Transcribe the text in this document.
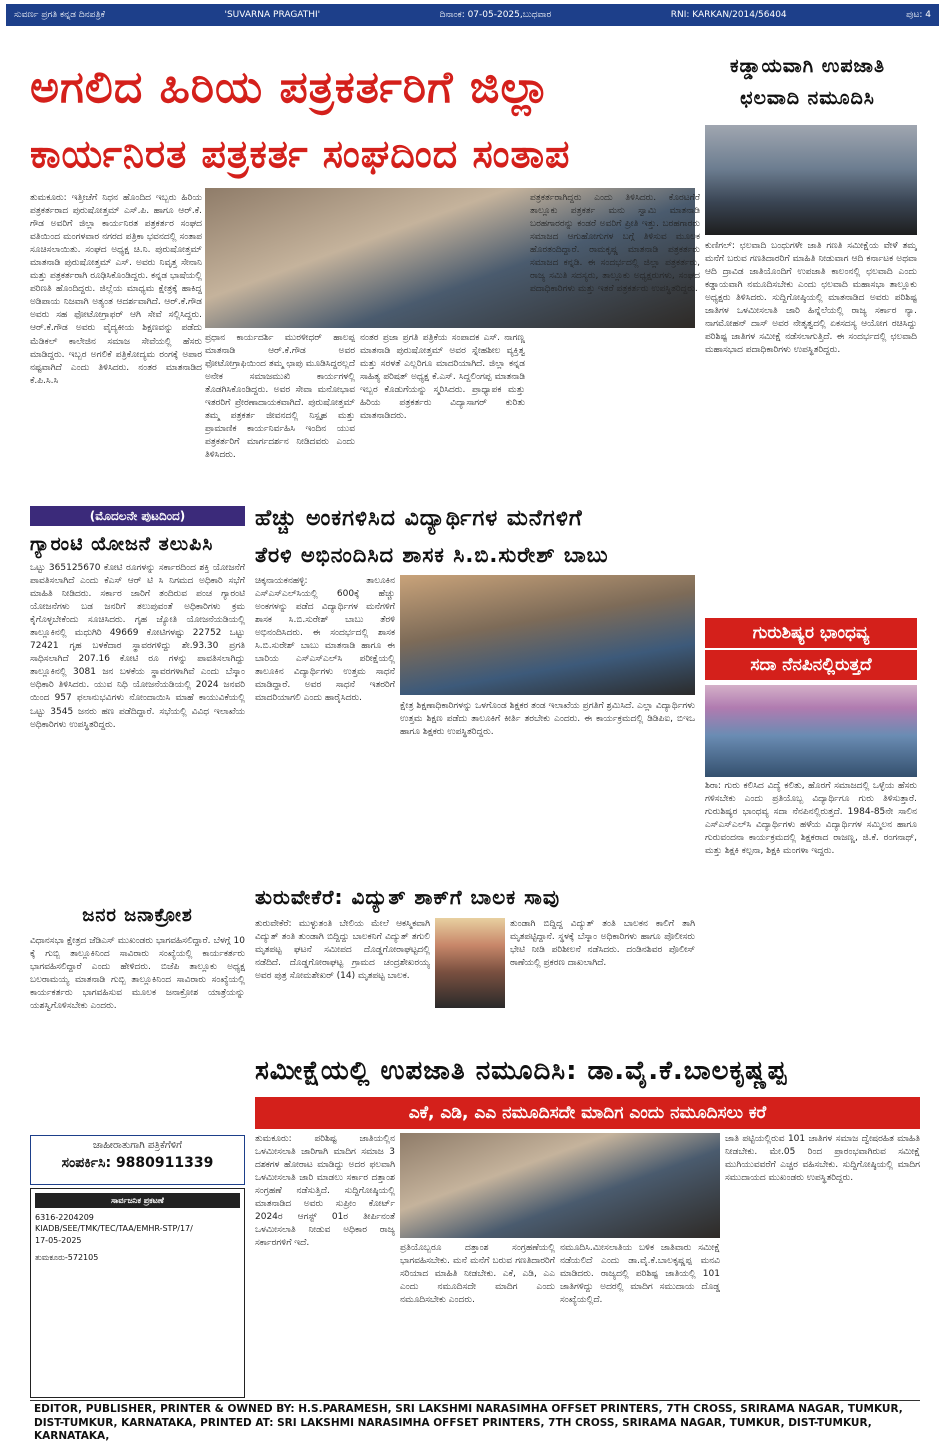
ಸುವರ್ಣ ಪ್ರಗತಿ ಕನ್ನಡ ದಿನಪತ್ರಿಕೆ	'SUVARNA PRAGATHI'	ದಿನಾಂಕ: 07-05-2025,ಬುಧವಾರ	RNI: KARKAN/2014/56404	ಪುಟ: 4
ಅಗಲಿದ ಹಿರಿಯ ಪತ್ರಕರ್ತರಿಗೆ ಜಿಲ್ಲಾ
ಕಾರ್ಯನಿರತ ಪತ್ರಕರ್ತ ಸಂಘದಿಂದ ಸಂತಾಪ
ಕಡ್ಡಾಯವಾಗಿ ಉಪಜಾತಿ
ಛಲವಾದಿ ನಮೂದಿಸಿ
ಕುಣಿಗಲ್: ಛಲವಾದಿ ಬಂಧುಗಳೇ ಜಾತಿ ಗಣತಿ ಸಮೀಕ್ಷೆಯ ವೇಳೆ ತಮ್ಮ ಮನೆಗೆ ಬರುವ ಗಣತಿದಾರರಿಗೆ ಮಾಹಿತಿ ನೀಡುವಾಗ ಆದಿ ಕರ್ನಾಟಕ ಅಥವಾ ಆದಿ ದ್ರಾವಿಡ ಜಾತಿಯೊಂದಿಗೆ ಉಪಜಾತಿ ಕಾಲಂನಲ್ಲಿ ಛಲವಾದಿ ಎಂದು ಕಡ್ಡಾಯವಾಗಿ ನಮೂದಿಸಬೇಕು ಎಂದು ಛಲವಾದಿ ಮಹಾಸಭಾ ತಾಲ್ಲೂಕು ಅಧ್ಯಕ್ಷರು ತಿಳಿಸಿದರು. ಸುದ್ದಿಗೋಷ್ಠಿಯಲ್ಲಿ ಮಾತನಾಡಿದ ಅವರು ಪರಿಶಿಷ್ಟ ಜಾತಿಗಳ ಒಳಮೀಸಲಾತಿ ಜಾರಿ ಹಿನ್ನೆಲೆಯಲ್ಲಿ ರಾಜ್ಯ ಸರ್ಕಾರ ನ್ಯಾ. ನಾಗಮೋಹನ್ ದಾಸ್ ಅವರ ನೇತೃತ್ವದಲ್ಲಿ ಏಕಸದಸ್ಯ ಆಯೋಗ ರಚಿಸಿದ್ದು ಪರಿಶಿಷ್ಟ ಜಾತಿಗಳ ಸಮೀಕ್ಷೆ ನಡೆಸಲಾಗುತ್ತಿದೆ. ಈ ಸಂದರ್ಭದಲ್ಲಿ ಛಲವಾದಿ ಮಹಾಸಭಾದ ಪದಾಧಿಕಾರಿಗಳು ಉಪಸ್ಥಿತರಿದ್ದರು.
ತುಮಕೂರು: ಇತ್ತೀಚೆಗೆ ನಿಧನ ಹೊಂದಿದ ಇಬ್ಬರು ಹಿರಿಯ ಪತ್ರಕರ್ತರಾದ ಪುರುಷೋತ್ತಮ್ ಎಸ್.ಪಿ. ಹಾಗೂ ಆರ್.ಕೆ. ಗೌಡ ಅವರಿಗೆ ಜಿಲ್ಲಾ ಕಾರ್ಯನಿರತ ಪತ್ರಕರ್ತರ ಸಂಘದ ವತಿಯಿಂದ ಮಂಗಳವಾರ ನಗರದ ಪತ್ರಿಕಾ ಭವನದಲ್ಲಿ ಸಂತಾಪ ಸೂಚಿಸಲಾಯಿತು. ಸಂಘದ ಅಧ್ಯಕ್ಷ ಚಿ.ನಿ. ಪುರುಷೋತ್ತಮ್ ಮಾತನಾಡಿ ಪುರುಷೋತ್ತಮ್ ಎಸ್. ಅವರು ನಿವೃತ್ತ ಸೇನಾನಿ ಮತ್ತು ಪತ್ರಕರ್ತರಾಗಿ ರೂಢಿಸಿಕೊಂಡಿದ್ದರು. ಕನ್ನಡ ಭಾಷೆಯಲ್ಲಿ ಪರಿಣತಿ ಹೊಂದಿದ್ದರು. ಜಿಲ್ಲೆಯ ಮಾಧ್ಯಮ ಕ್ಷೇತ್ರಕ್ಕೆ ಹಾಕಿದ್ದ ಅಡಿಪಾಯ ನಿಜವಾಗಿ ಅತ್ಯಂತ ಆದರ್ಶವಾಗಿದೆ. ಆರ್.ಕೆ.ಗೌಡ ಅವರು ಸಹ ಫೋಟೋಗ್ರಾಫರ್ ಆಗಿ ಸೇವೆ ಸಲ್ಲಿಸಿದ್ದರು. ಆರ್.ಕೆ.ಗೌಡ ಅವರು ವೈದ್ಯಕೀಯ ಶಿಕ್ಷಣವನ್ನು ಪಡೆದು ಮೆಡಿಕಲ್ ಕಾಲೇಜಿನ ಸಮಾಜ ಸೇವೆಯಲ್ಲಿ ಹೆಸರು ಮಾಡಿದ್ದರು. ಇಬ್ಬರ ಅಗಲಿಕೆ ಪತ್ರಿಕೋದ್ಯಮ ರಂಗಕ್ಕೆ ಅಪಾರ ನಷ್ಟವಾಗಿದೆ ಎಂದು ತಿಳಿಸಿದರು. ನಂತರ ಮಾತನಾಡಿದ ಕೆ.ಪಿ.ಸಿ.ಸಿ
ಪ್ರಧಾನ ಕಾರ್ಯದರ್ಶಿ ಮುರಳೀಧರ್ ಹಾಲಪ್ಪ ಮಾತನಾಡಿ ಆರ್.ಕೆ.ಗೌಡ ಅವರ ಫೋಟೋಗ್ರಾಫಿಯಿಂದ ತಮ್ಮ ಛಾಪು ಮೂಡಿಸಿದ್ದರಲ್ಲದೆ ಅನೇಕ ಸಮಾಜಮುಖಿ ಕಾರ್ಯಗಳಲ್ಲಿ ತೊಡಗಿಸಿಕೊಂಡಿದ್ದರು. ಅವರ ಸೇವಾ ಮನೋಭಾವ ಇತರರಿಗೆ ಪ್ರೇರಣಾದಾಯಕವಾಗಿದೆ. ಪುರುಷೋತ್ತಮ್ ತಮ್ಮ ಪತ್ರಕರ್ತ ಜೀವನದಲ್ಲಿ ನಿಸ್ಪೃಹ ಮತ್ತು ಪ್ರಾಮಾಣಿಕ ಕಾರ್ಯನಿರ್ವಹಿಸಿ ಇಂದಿನ ಯುವ ಪತ್ರಕರ್ತರಿಗೆ ಮಾರ್ಗದರ್ಶನ ನೀಡಿದವರು ಎಂದು ತಿಳಿಸಿದರು.
ನಂತರ ಪ್ರಜಾ ಪ್ರಗತಿ ಪತ್ರಿಕೆಯ ಸಂಪಾದಕ ಎಸ್. ನಾಗಣ್ಣ ಮಾತನಾಡಿ ಪುರುಷೋತ್ತಮ್ ಅವರ ಸ್ನೇಹಶೀಲ ವ್ಯಕ್ತಿತ್ವ ಮತ್ತು ಸರಳತೆ ಎಲ್ಲರಿಗೂ ಮಾದರಿಯಾಗಿದೆ. ಜಿಲ್ಲಾ ಕನ್ನಡ ಸಾಹಿತ್ಯ ಪರಿಷತ್ ಅಧ್ಯಕ್ಷ ಕೆ.ಎಸ್. ಸಿದ್ದಲಿಂಗಪ್ಪ ಮಾತನಾಡಿ ಇಬ್ಬರ ಕೊಡುಗೆಯನ್ನು ಸ್ಮರಿಸಿದರು. ಪ್ರಾಧ್ಯಾಪಕ ಮತ್ತು ಹಿರಿಯ ಪತ್ರಕರ್ತರು ವಿದ್ಯಾಸಾಗರ್ ಕುರಿತು ಮಾತನಾಡಿದರು.
ಪತ್ರಕರ್ತರಾಗಿದ್ದರು ಎಂದು ತಿಳಿಸಿದರು. ಕೊರಟಗೆರೆ ತಾಲ್ಲೂಕು ಪತ್ರಕರ್ತ ಮನು ಸ್ವಾಮಿ ಮಾತನಾಡಿ ಬರಹಗಾರರನ್ನು ಕಂಡರೆ ಅವರಿಗೆ ಪ್ರೀತಿ ಇತ್ತು. ಬರಹಗಾರರು ಸಮಾಜದ ಆಗುಹೋಗುಗಳ ಬಗ್ಗೆ ತಿಳಿಸುವ ಮೂಲಕ ಹೊರತಂದಿದ್ದಾರೆ. ರಾಮಕೃಷ್ಣ ಮಾತನಾಡಿ ಪತ್ರಕರ್ತರು ಸಮಾಜದ ಕನ್ನಡಿ. ಈ ಸಂದರ್ಭದಲ್ಲಿ ಜಿಲ್ಲಾ ಪತ್ರಕರ್ತರು, ರಾಜ್ಯ ಸಮಿತಿ ಸದಸ್ಯರು, ತಾಲ್ಲೂಕು ಅಧ್ಯಕ್ಷರುಗಳು, ಸಂಘದ ಪದಾಧಿಕಾರಿಗಳು ಮತ್ತು ಇತರೆ ಪತ್ರಕರ್ತರು ಉಪಸ್ಥಿತರಿದ್ದರು.
(ಮೊದಲನೇ ಪುಟದಿಂದ)
ಗ್ಯಾರಂಟಿ ಯೋಜನೆ ತಲುಪಿಸಿ
ಒಟ್ಟು 365125670 ಕೋಟಿ ರೂಗಳನ್ನು ಸರ್ಕಾರದಿಂದ ಶಕ್ತಿ ಯೋಜನೆಗೆ ಪಾವತಿಸಲಾಗಿದೆ ಎಂದು ಕೆಎಸ್ ಆರ್ ಟಿ ಸಿ ನಿಗಮದ ಅಧಿಕಾರಿ ಸಭೆಗೆ ಮಾಹಿತಿ ನೀಡಿದರು. ಸರ್ಕಾರ ಜಾರಿಗೆ ತಂದಿರುವ ಪಂಚ ಗ್ಯಾರಂಟಿ ಯೋಜನೆಗಳು ಬಡ ಜನರಿಗೆ ತಲುಪುವಂತೆ ಅಧಿಕಾರಿಗಳು ಕ್ರಮ ಕೈಗೊಳ್ಳಬೇಕೆಂದು ಸೂಚಿಸಿದರು. ಗೃಹ ಜ್ಯೋತಿ ಯೋಜನೆಯಡಿಯಲ್ಲಿ ತಾಲ್ಲೂಕಿನಲ್ಲಿ ಮಧುಗಿರಿ 49669 ಕೋಟಿಗಳಷ್ಟು 22752 ಒಟ್ಟು 72421 ಗೃಹ ಬಳಕೆದಾರ ಸ್ಥಾವರಗಳಿದ್ದು ಶೇ.93.30 ಪ್ರಗತಿ ಸಾಧಿಸಲಾಗಿದೆ 207.16 ಕೋಟಿ ರೂ ಗಳನ್ನು ಪಾವತಿಸಲಾಗಿದ್ದು ತಾಲ್ಲೂಕಿನಲ್ಲಿ 3081 ಜನ ಬಳಕೆಯ ಸ್ಥಾವರಗಳಾಗಿವೆ ಎಂದು ಬೆಸ್ಕಾಂ ಅಧಿಕಾರಿ ತಿಳಿಸಿದರು. ಯುವ ನಿಧಿ ಯೋಜನೆಯಡಿಯಲ್ಲಿ 2024 ಜನವರಿ ಯಿಂದ 957 ಫಲಾನುಭವಿಗಳು ನೋಂದಾಯಿಸಿ ಮಾಹೆ ಕಾಯುವಿಕೆಯಲ್ಲಿ ಒಟ್ಟು 3545 ಜನರು ಹಣ ಪಡೆದಿದ್ದಾರೆ. ಸಭೆಯಲ್ಲಿ ವಿವಿಧ ಇಲಾಖೆಯ ಅಧಿಕಾರಿಗಳು ಉಪಸ್ಥಿತರಿದ್ದರು.
ಹೆಚ್ಚು ಅಂಕಗಳಿಸಿದ ವಿದ್ಯಾರ್ಥಿಗಳ ಮನೆಗಳಿಗೆ
ತೆರಳಿ ಅಭಿನಂದಿಸಿದ ಶಾಸಕ ಸಿ.ಬಿ.ಸುರೇಶ್ ಬಾಬು
ಚಿಕ್ಕನಾಯಕನಹಳ್ಳಿ: ತಾಲೂಕಿನ ಎಸ್‌ಎಸ್‌ಎಲ್‌ಸಿಯಲ್ಲಿ 600ಕ್ಕೆ ಹೆಚ್ಚು ಅಂಕಗಳನ್ನು ಪಡೆದ ವಿದ್ಯಾರ್ಥಿಗಳ ಮನೆಗಳಿಗೆ ಶಾಸಕ ಸಿ.ಬಿ.ಸುರೇಶ್ ಬಾಬು ತೆರಳಿ ಅಭಿನಂದಿಸಿದರು. ಈ ಸಂದರ್ಭದಲ್ಲಿ ಶಾಸಕ ಸಿ.ಬಿ.ಸುರೇಶ್ ಬಾಬು ಮಾತನಾಡಿ ಹಾಗೂ ಈ ಬಾರಿಯ ಎಸ್‌ಎಸ್‌ಎಲ್‌ಸಿ ಪರೀಕ್ಷೆಯಲ್ಲಿ ತಾಲೂಕಿನ ವಿದ್ಯಾರ್ಥಿಗಳು ಉತ್ತಮ ಸಾಧನೆ ಮಾಡಿದ್ದಾರೆ. ಅವರ ಸಾಧನೆ ಇತರರಿಗೆ ಮಾದರಿಯಾಗಲಿ ಎಂದು ಹಾರೈಸಿದರು.
ಕ್ಷೇತ್ರ ಶಿಕ್ಷಣಾಧಿಕಾರಿಗಳನ್ನು ಒಳಗೊಂಡ ಶಿಕ್ಷಕರ ತಂಡ ಇಲಾಖೆಯ ಪ್ರಗತಿಗೆ ಶ್ರಮಿಸಿದೆ. ಎಲ್ಲಾ ವಿದ್ಯಾರ್ಥಿಗಳು ಉತ್ತಮ ಶಿಕ್ಷಣ ಪಡೆದು ತಾಲೂಕಿಗೆ ಕೀರ್ತಿ ತರಬೇಕು ಎಂದರು. ಈ ಕಾರ್ಯಕ್ರಮದಲ್ಲಿ ಡಿಡಿಪಿಐ, ಬಿಇಒ ಹಾಗೂ ಶಿಕ್ಷಕರು ಉಪಸ್ಥಿತರಿದ್ದರು.
ಗುರುಶಿಷ್ಯರ ಭಾಂಧವ್ಯ
ಸದಾ ನೆನಪಿನಲ್ಲಿರುತ್ತದೆ
ಶಿರಾ: ಗುರು ಕಲಿಸಿದ ವಿದ್ಯೆ ಕಲಿತು, ಹೊರಗೆ ಸಮಾಜದಲ್ಲಿ ಒಳ್ಳೆಯ ಹೆಸರು ಗಳಿಸಬೇಕು ಎಂದು ಪ್ರತಿಯೊಬ್ಬ ವಿದ್ಯಾರ್ಥಿಗೂ ಗುರು ತಿಳಿಸುತ್ತಾರೆ. ಗುರುಶಿಷ್ಯರ ಭಾಂಧವ್ಯ ಸದಾ ನೆನಪಿನಲ್ಲಿರುತ್ತದೆ. 1984-85ನೇ ಸಾಲಿನ ಎಸ್‌ಎಸ್‌ಎಲ್‌ಸಿ ವಿದ್ಯಾರ್ಥಿಗಳು ಹಳೆಯ ವಿದ್ಯಾರ್ಥಿಗಳ ಸಮ್ಮಿಲನ ಹಾಗೂ ಗುರುವಂದನಾ ಕಾರ್ಯಕ್ರಮದಲ್ಲಿ ಶಿಕ್ಷಕರಾದ ರಾಜಣ್ಣ, ಜಿ.ಕೆ. ರಂಗನಾಥ್, ಮತ್ತು ಶಿಕ್ಷಕಿ ಕಲ್ಪನಾ, ಶಿಕ್ಷಕಿ ಮಂಗಳಾ ಇದ್ದರು.
ತುರುವೇಕೆರೆ: ವಿದ್ಯುತ್ ಶಾಕ್‌ಗೆ ಬಾಲಕ ಸಾವು
ತುರುವೇಕೆರೆ: ಮುಳ್ಳುತಂತಿ ಬೇಲಿಯ ಮೇಲೆ ಆಕಸ್ಮಿಕವಾಗಿ ವಿದ್ಯುತ್ ತಂತಿ ತುಂಡಾಗಿ ಬಿದ್ದಿದ್ದು ಬಾಲಕನಿಗೆ ವಿದ್ಯುತ್ ತಗುಲಿ ಮೃತಪಟ್ಟ ಘಟನೆ ಸಮೀಪದ ದೊಡ್ಡಗೋರಾಘಟ್ಟದಲ್ಲಿ ನಡೆದಿದೆ. ದೊಡ್ಡಗೋರಾಘಟ್ಟ ಗ್ರಾಮದ ಚಂದ್ರಶೇಖರಯ್ಯ ಅವರ ಪುತ್ರ ಸೋಮಶೇಖರ್ (14) ಮೃತಪಟ್ಟ ಬಾಲಕ.
ತುಂಡಾಗಿ ಬಿದ್ದಿದ್ದ ವಿದ್ಯುತ್ ತಂತಿ ಬಾಲಕನ ಕಾಲಿಗೆ ತಾಗಿ ಮೃತಪಟ್ಟಿದ್ದಾನೆ. ಸ್ಥಳಕ್ಕೆ ಬೆಸ್ಕಾಂ ಅಧಿಕಾರಿಗಳು ಹಾಗೂ ಪೊಲೀಸರು ಭೇಟಿ ನೀಡಿ ಪರಿಶೀಲನೆ ನಡೆಸಿದರು. ದಂಡಿನಶಿವರ ಪೊಲೀಸ್ ಠಾಣೆಯಲ್ಲಿ ಪ್ರಕರಣ ದಾಖಲಾಗಿದೆ.
ಜನರ ಜನಾಕ್ರೋಶ
ವಿಧಾನಸಭಾ ಕ್ಷೇತ್ರದ ಜೆಡಿಎಸ್ ಮುಖಂಡರು ಭಾಗವಹಿಸಲಿದ್ದಾರೆ. ಬೆಳಗ್ಗೆ 10 ಕ್ಕೆ ಗುಬ್ಬಿ ತಾಲ್ಲೂಕಿನಿಂದ ಸಾವಿರಾರು ಸಂಖ್ಯೆಯಲ್ಲಿ ಕಾರ್ಯಕರ್ತರು ಭಾಗವಹಿಸಲಿದ್ದಾರೆ ಎಂದು ಹೇಳಿದರು. ಬಿಜೆಪಿ ತಾಲ್ಲೂಕು ಅಧ್ಯಕ್ಷ ಬಲರಾಮಯ್ಯ ಮಾತನಾಡಿ ಗುಬ್ಬಿ ತಾಲ್ಲೂಕಿನಿಂದ ಸಾವಿರಾರು ಸಂಖ್ಯೆಯಲ್ಲಿ ಕಾರ್ಯಕರ್ತರು ಭಾಗವಹಿಸುವ ಮೂಲಕ ಜನಾಕ್ರೋಶ ಯಾತ್ರೆಯನ್ನು ಯಶಸ್ವಿಗೊಳಿಸಬೇಕು ಎಂದರು.
ಜಾಹೀರಾತುಗಾಗಿ ಪತ್ರಿಕೆಗೆಳಿಗೆ
ಸಂಪರ್ಕಿಸಿ: 9880911339
ಸಾರ್ವಜನಿಕ ಪ್ರಕಟಣೆ
6316-2204209
KIADB/SEE/TMK/TEC/TAA/EMHR-STP/17/
17-05-2025
ತುಮಕೂರು-572105
ಸಮೀಕ್ಷೆಯಲ್ಲಿ ಉಪಜಾತಿ ನಮೂದಿಸಿ: ಡಾ.ವೈ.ಕೆ.ಬಾಲಕೃಷ್ಣಪ್ಪ
ಎಕೆ, ಎಡಿ, ಎಎ ನಮೂದಿಸದೇ ಮಾದಿಗ ಎಂದು ನಮೂದಿಸಲು ಕರೆ
ತುಮಕೂರು: ಪರಿಶಿಷ್ಟ ಜಾತಿಯಲ್ಲಿನ ಒಳಮೀಸಲಾತಿ ಜಾರಿಗಾಗಿ ಮಾದಿಗ ಸಮಾಜ 3 ದಶಕಗಳ ಹೋರಾಟ ಮಾಡಿದ್ದು ಅದರ ಫಲವಾಗಿ ಒಳಮೀಸಲಾತಿ ಜಾರಿ ಮಾಡಲು ಸರ್ಕಾರ ದತ್ತಾಂಶ ಸಂಗ್ರಹಣೆ ನಡೆಸುತ್ತಿದೆ. ಸುದ್ದಿಗೋಷ್ಠಿಯಲ್ಲಿ ಮಾತನಾಡಿದ ಅವರು ಸುಪ್ರೀಂ ಕೋರ್ಟ್ 2024ರ ಆಗಸ್ಟ್ 01ರ ತೀರ್ಪಿನಂತೆ ಒಳಮೀಸಲಾತಿ ನೀಡುವ ಅಧಿಕಾರ ರಾಜ್ಯ ಸರ್ಕಾರಗಳಿಗೆ ಇದೆ.	ಪ್ರತಿಯೊಬ್ಬರೂ ದತ್ತಾಂಶ ಸಂಗ್ರಹಣೆಯಲ್ಲಿ ಭಾಗವಹಿಸಬೇಕು. ಮನೆ ಮನೆಗೆ ಬರುವ ಗಣತಿದಾರರಿಗೆ ಸರಿಯಾದ ಮಾಹಿತಿ ನೀಡಬೇಕು. ಎಕೆ, ಎಡಿ, ಎಎ ಎಂದು ನಮೂದಿಸದೇ ಮಾದಿಗ ಎಂದು ನಮೂದಿಸಬೇಕು ಎಂದರು.
ನಮೂದಿಸಿ.ಮೀಸಲಾತಿಯ ಬಳಿಕ ಜಾತಿವಾರು ಸಮೀಕ್ಷೆ ನಡೆಯಲಿದೆ ಎಂದು ಡಾ.ವೈ.ಕೆ.ಬಾಲಕೃಷ್ಣಪ್ಪ ಮನವಿ ಮಾಡಿದರು. ರಾಜ್ಯದಲ್ಲಿ ಪರಿಶಿಷ್ಟ ಜಾತಿಯಲ್ಲಿ 101 ಜಾತಿಗಳಿದ್ದು ಅದರಲ್ಲಿ ಮಾದಿಗ ಸಮುದಾಯ ದೊಡ್ಡ ಸಂಖ್ಯೆಯಲ್ಲಿದೆ.
ಜಾತಿ ಪಟ್ಟಿಯಲ್ಲಿರುವ 101 ಜಾತಿಗಳ ಸಮಾಜ ದ್ವೇಷರಹಿತ ಮಾಹಿತಿ ನೀಡಬೇಕು. ಮೇ.05 ರಿಂದ ಪ್ರಾರಂಭವಾಗಿರುವ ಸಮೀಕ್ಷೆ ಮುಗಿಯುವವರೆಗೆ ಎಚ್ಚರ ವಹಿಸಬೇಕು. ಸುದ್ದಿಗೋಷ್ಠಿಯಲ್ಲಿ ಮಾದಿಗ ಸಮುದಾಯದ ಮುಖಂಡರು ಉಪಸ್ಥಿತರಿದ್ದರು.
EDITOR, PUBLISHER, PRINTER & OWNED BY: H.S.PARAMESH, SRI LAKSHMI NARASIMHA OFFSET PRINTERS, 7TH CROSS, SRIRAMA NAGAR, TUMKUR, DIST-TUMKUR, KARNATAKA, PRINTED AT: SRI LAKSHMI NARASIMHA OFFSET PRINTERS, 7TH CROSS, SRIRAMA NAGAR, TUMKUR, DIST-TUMKUR, KARNATAKA,
